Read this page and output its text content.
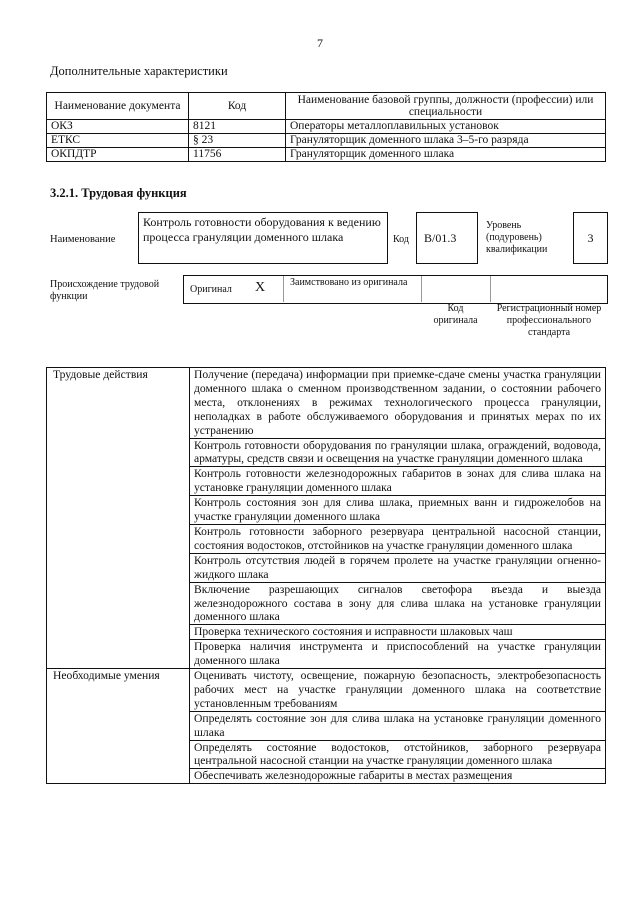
7
Дополнительные характеристики
Наименование документа	Код	Наименование базовой группы, должности (профессии) или специальности
ОКЗ	8121	Операторы металлоплавильных установок
ЕТКС	§ 23	Грануляторщик доменного шлака 3–5-го разряда
ОКПДТР	11756	Грануляторщик доменного шлака
3.2.1. Трудовая функция
Наименование
Контроль готовности оборудования к ведению процесса грануляции доменного шлака	Код	B/01.3
Уровень (подуровень) квалификации
3
Происхождение трудовой функции
Оригинал X Заимствовано из оригинала
Код оригинала
Регистрационный номер профессионального стандарта
Трудовые действия	Получение (передача) информации при приемке-сдаче смены участка грануляции доменного шлака о сменном производственном задании, о состоянии рабочего места, отклонениях в режимах технологического процесса грануляции, неполадках в работе обслуживаемого оборудования и принятых мерах по их устранению
	Контроль готовности оборудования по грануляции шлака, ограждений, водовода, арматуры, средств связи и освещения на участке грануляции доменного шлака
	Контроль готовности железнодорожных габаритов в зонах для слива шлака на установке грануляции доменного шлака
	Контроль состояния зон для слива шлака, приемных ванн и гидрожелобов на участке грануляции доменного шлака
	Контроль готовности заборного резервуара центральной насосной станции, состояния водостоков, отстойников на участке грануляции доменного шлака
	Контроль отсутствия людей в горячем пролете на участке грануляции огненно-жидкого шлака
	Включение разрешающих сигналов светофора въезда и выезда железнодорожного состава в зону для слива шлака на установке грануляции доменного шлака
	Проверка технического состояния и исправности шлаковых чаш
	Проверка наличия инструмента и приспособлений на участке грануляции доменного шлака
Необходимые умения	Оценивать чистоту, освещение, пожарную безопасность, электробезопасность рабочих мест на участке грануляции доменного шлака на соответствие установленным требованиям
	Определять состояние зон для слива шлака на установке грануляции доменного шлака
	Определять состояние водостоков, отстойников, заборного резервуара центральной насосной станции на участке грануляции доменного шлака
	Обеспечивать железнодорожные габариты в местах размещения
